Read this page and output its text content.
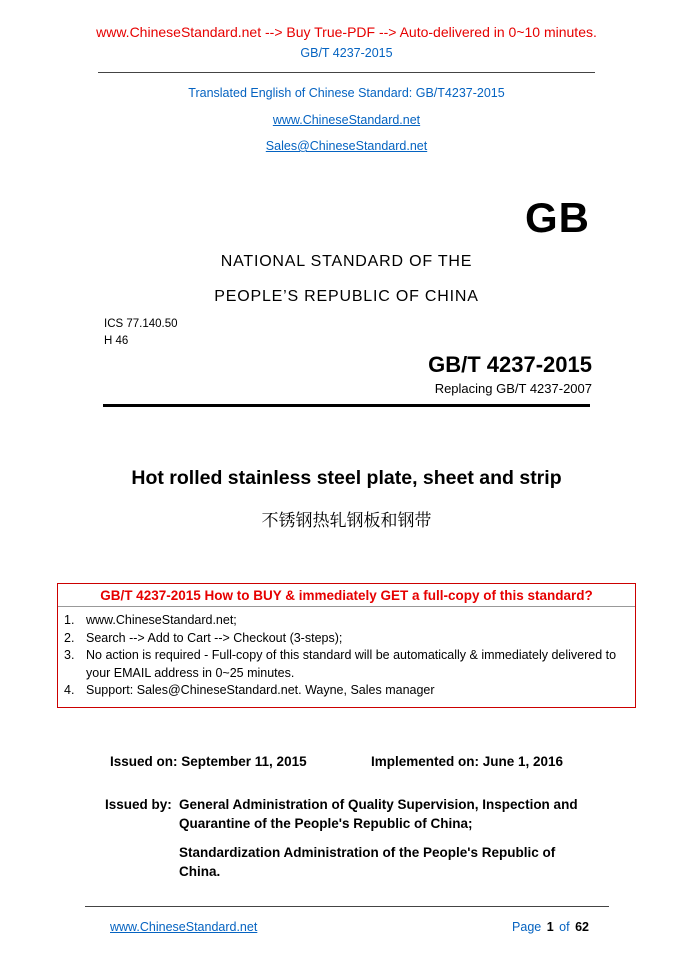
www.ChineseStandard.net --> Buy True-PDF --> Auto-delivered in 0~10 minutes.
GB/T 4237-2015
Translated English of Chinese Standard: GB/T4237-2015
www.ChineseStandard.net
Sales@ChineseStandard.net
GB
NATIONAL STANDARD OF THE
PEOPLE’S REPUBLIC OF CHINA
ICS 77.140.50
H 46
GB/T 4237-2015
Replacing GB/T 4237-2007
Hot rolled stainless steel plate, sheet and strip
不锈钢热轧钢板和钢带
GB/T 4237-2015 How to BUY & immediately GET a full-copy of this standard?
1. www.ChineseStandard.net;
2. Search --> Add to Cart --> Checkout (3-steps);
3. No action is required - Full-copy of this standard will be automatically & immediately delivered to your EMAIL address in 0~25 minutes.
4. Support: Sales@ChineseStandard.net. Wayne, Sales manager
Issued on: September 11, 2015	Implemented on: June 1, 2016
Issued by: General Administration of Quality Supervision, Inspection and Quarantine of the People's Republic of China;
Standardization Administration of the People's Republic of China.
www.ChineseStandard.net	Page 1 of 62
